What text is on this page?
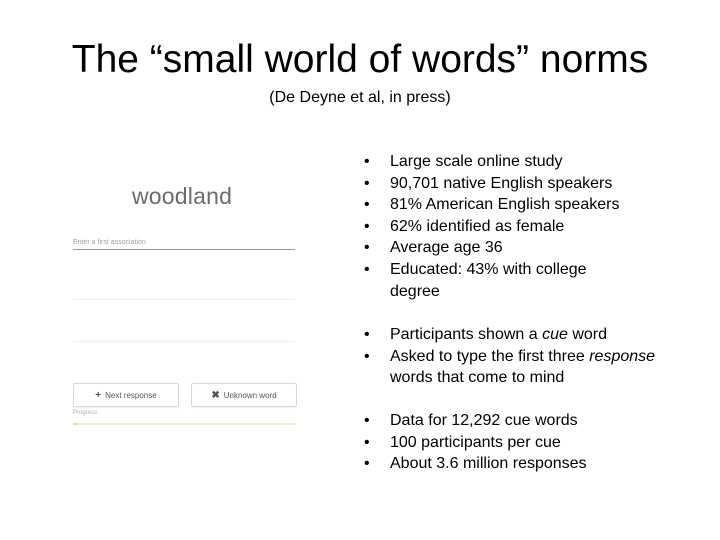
The “small world of words” norms
(De Deyne et al, in press)
woodland
Enter a first association
+ Next response	✖ Unknown word
Progress
• Large scale online study
• 90,701 native English speakers
• 81% American English speakers
• 62% identified as female
• Average age 36
• Educated: 43% with college degree
• Participants shown a cue word
• Asked to type the first three response words that come to mind
• Data for 12,292 cue words
• 100 participants per cue
• About 3.6 million responses
